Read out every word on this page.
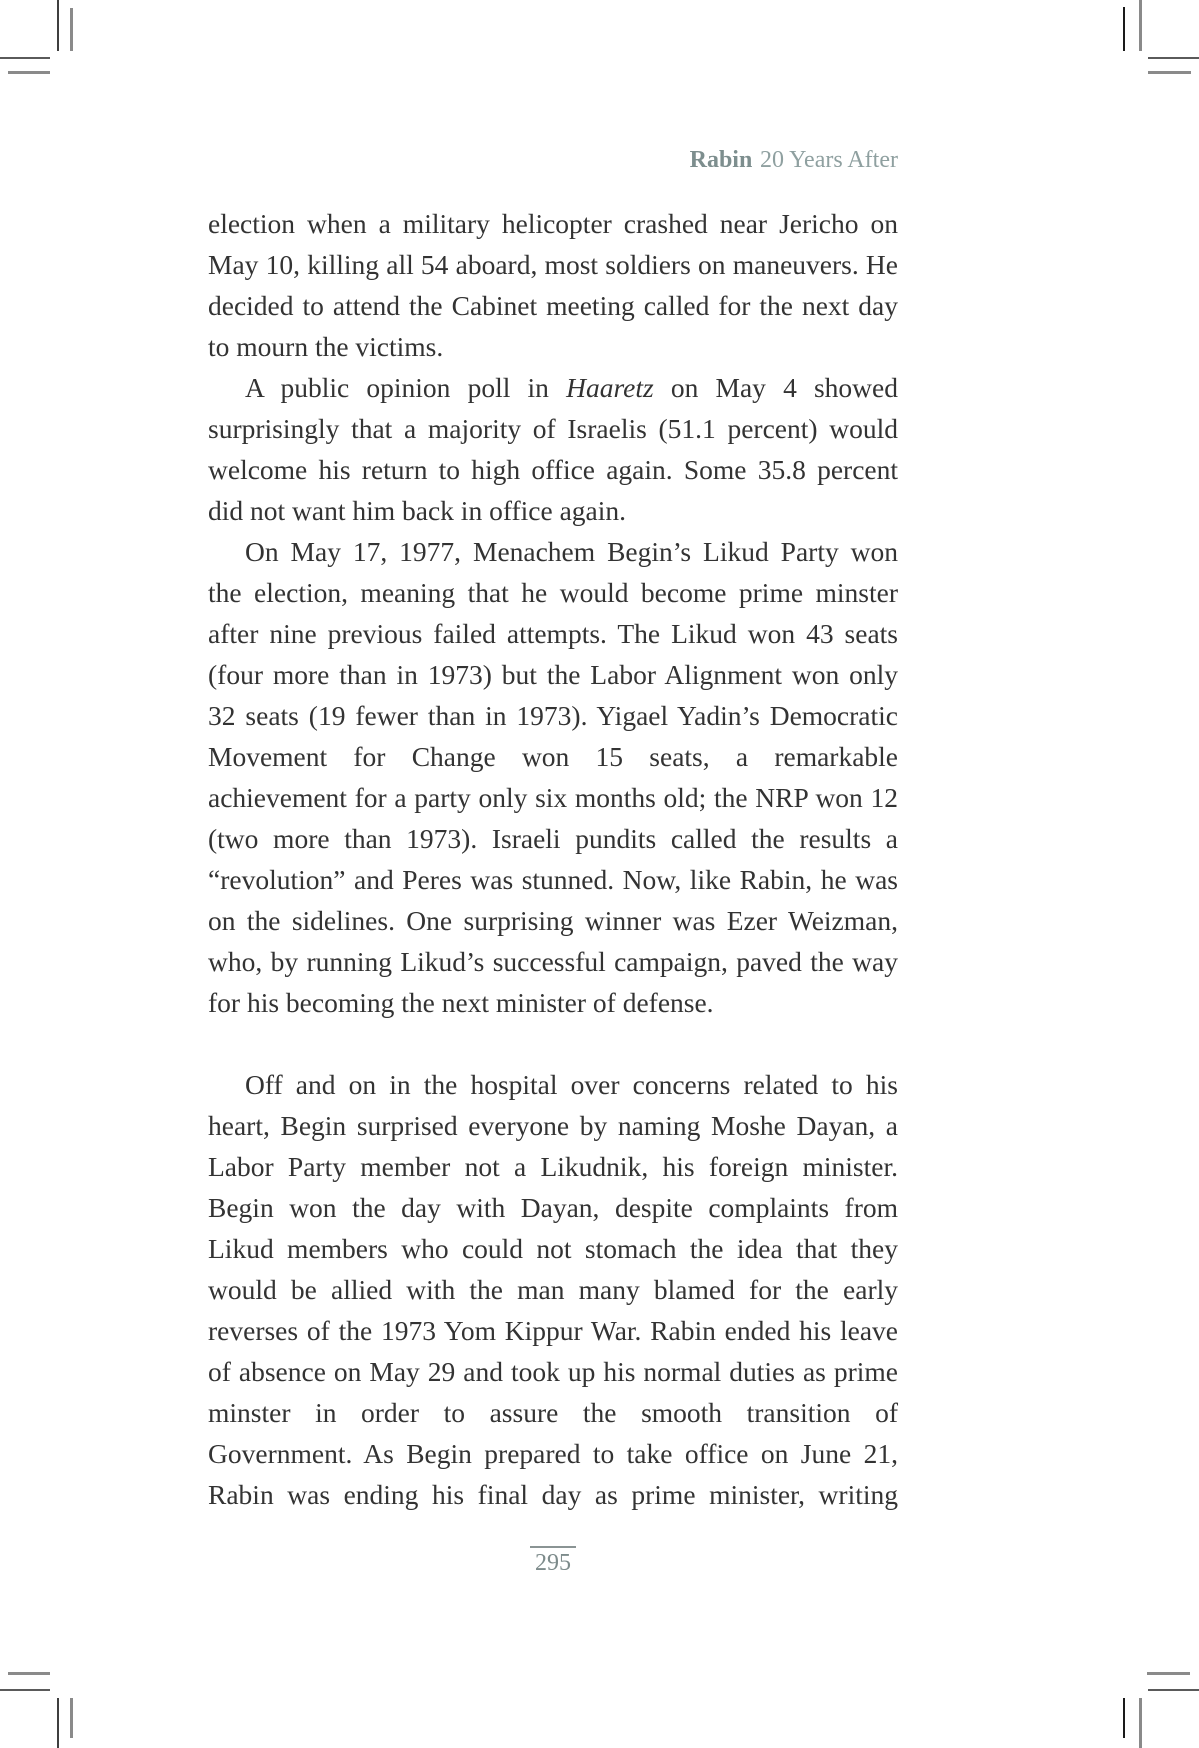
Rabin 20 Years After

election when a military helicopter crashed near Jericho on May 10, killing all 54 aboard, most soldiers on maneuvers. He decided to attend the Cabinet meeting called for the next day to mourn the victims.

A public opinion poll in Haaretz on May 4 showed surprisingly that a majority of Israelis (51.1 percent) would welcome his return to high office again. Some 35.8 percent did not want him back in office again.

On May 17, 1977, Menachem Begin’s Likud Party won the election, meaning that he would become prime minster after nine previous failed attempts. The Likud won 43 seats (four more than in 1973) but the Labor Alignment won only 32 seats (19 fewer than in 1973). Yigael Yadin’s Democratic Movement for Change won 15 seats, a remarkable achievement for a party only six months old; the NRP won 12 (two more than 1973). Israeli pundits called the results a “revolution” and Peres was stunned. Now, like Rabin, he was on the sidelines. One surprising winner was Ezer Weizman, who, by running Likud’s successful campaign, paved the way for his becoming the next minister of defense.

Off and on in the hospital over concerns related to his heart, Begin surprised everyone by naming Moshe Dayan, a Labor Party member not a Likudnik, his foreign minister. Begin won the day with Dayan, despite complaints from Likud members who could not stomach the idea that they would be allied with the man many blamed for the early reverses of the 1973 Yom Kippur War. Rabin ended his leave of absence on May 29 and took up his normal duties as prime minster in order to assure the smooth transition of Government. As Begin prepared to take office on June 21, Rabin was ending his final day as prime minister, writing

295
